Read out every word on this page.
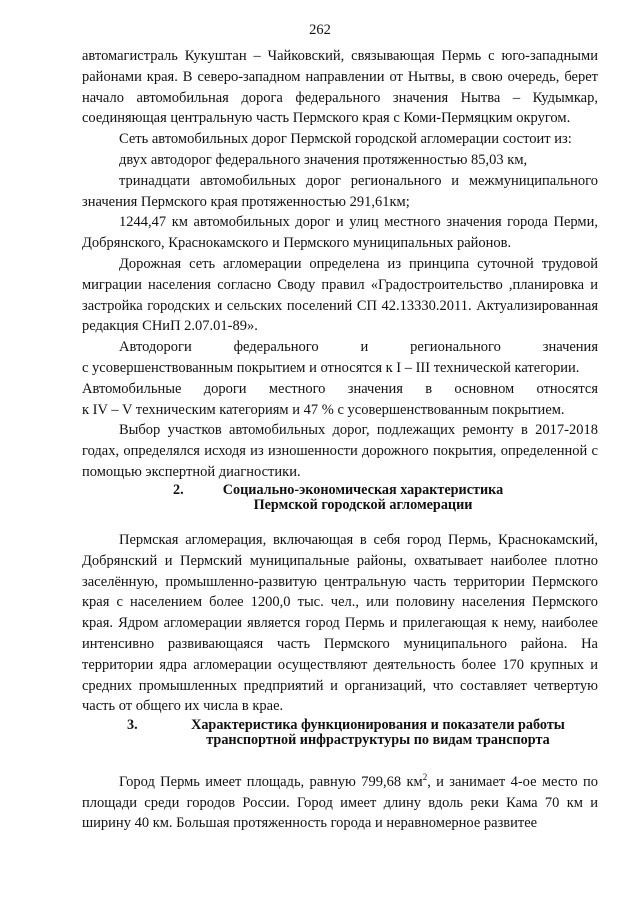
262

автомагистраль Кукуштан – Чайковский, связывающая Пермь с юго-западными районами края. В северо-западном направлении от Нытвы, в свою очередь, берет начало автомобильная дорога федерального значения Нытва – Кудымкар, соединяющая центральную часть Пермского края с Коми-Пермяцким округом.

Сеть автомобильных дорог Пермской городской агломерации состоит из:

двух автодорог федерального значения протяженностью 85,03 км,

тринадцати автомобильных дорог регионального и межмуниципального значения Пермского края протяженностью 291,61км;

1244,47 км автомобильных дорог и улиц местного значения города Перми, Добрянского, Краснокамского и Пермского муниципальных районов.

Дорожная сеть агломерации определена из принципа суточной трудовой миграции населения согласно Своду правил «Градостроительство ,планировка и застройка городских и сельских поселений СП 42.13330.2011. Актуализированная редакция СНиП 2.07.01-89».

Автодороги федерального и регионального значения

с усовершенствованным покрытием и относятся к I – III технической категории.

Автомобильные дороги местного значения в основном относятся

к IV – V техническим категориям и 47 % с усовершенствованным покрытием.

Выбор участков автомобильных дорог, подлежащих ремонту в 2017-2018 годах, определялся исходя из изношенности дорожного покрытия, определенной с помощью экспертной диагностики.

2.	Социально-экономическая характеристика
Пермской городской агломерации

Пермская агломерация, включающая в себя город Пермь, Краснокамский, Добрянский и Пермский муниципальные районы, охватывает наиболее плотно заселённую, промышленно-развитую центральную часть территории Пермского края с населением более 1200,0 тыс. чел., или половину населения Пермского края. Ядром агломерации является город Пермь и прилегающая к нему, наиболее интенсивно развивающаяся часть Пермского муниципального района. На территории ядра агломерации осуществляют деятельность более 170 крупных и средних промышленных предприятий и организаций, что составляет четвертую часть от общего их числа в крае.

3.	Характеристика функционирования и показатели работы
транспортной инфраструктуры по видам транспорта

Город Пермь имеет площадь, равную 799,68 $км^2$, и занимает 4-ое место по площади среди городов России. Город имеет длину вдоль реки Кама 70 км и ширину 40 км. Большая протяженность города и неравномерное развитее
